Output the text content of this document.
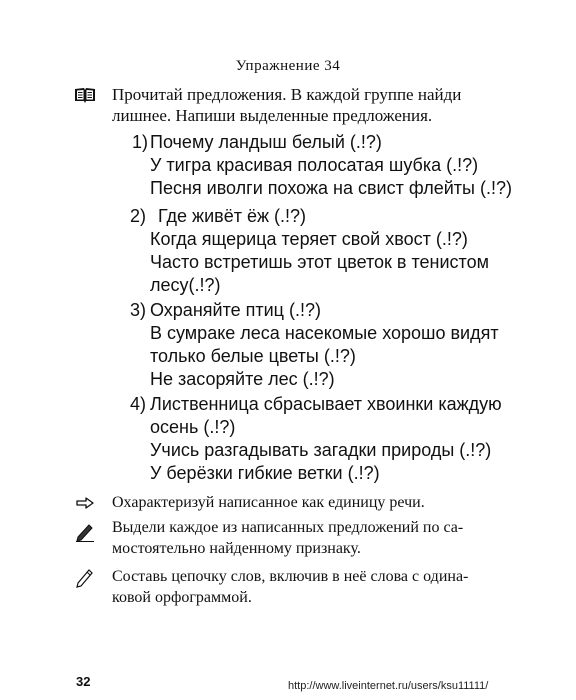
Упражнение 34
Прочитай предложения. В каждой группе найди
лишнее. Напиши выделенные предложения.
1) Почему ландыш белый (.!?)
У тигра красивая полосатая шубка (.!?)
Песня иволги похожа на свист флейты (.!?)
2) Где живёт ёж (.!?)
Когда ящерица теряет свой хвост (.!?)
Часто встретишь этот цветок в тенистом
лесу(.!?)
3) Охраняйте птиц (.!?)
В сумраке леса насекомые хорошо видят
только белые цветы (.!?)
Не засоряйте лес (.!?)
4) Лиственница сбрасывает хвоинки каждую
осень (.!?)
Учись разгадывать загадки природы (.!?)
У берёзки гибкие ветки (.!?)
Охарактеризуй написанное как единицу речи.
Выдели каждое из написанных предложений по са-
мостоятельно найденному признаку.
Составь цепочку слов, включив в неё слова с одина-
ковой орфограммой.
32	http://www.liveinternet.ru/users/ksu11111/
